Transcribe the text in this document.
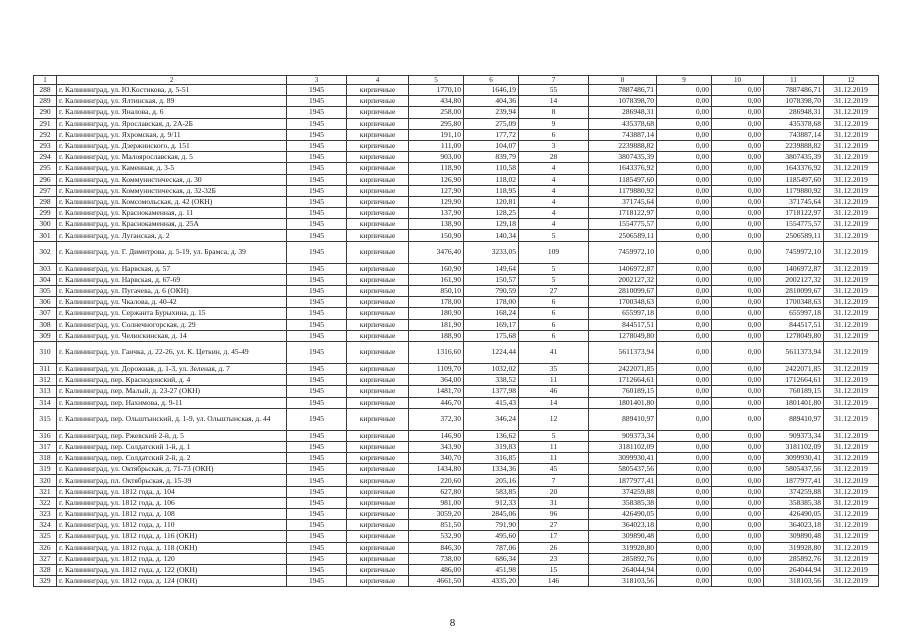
1	2	3	4	5	6	7	8	9	10	11	12
288	г. Калининград, ул. Ю.Костикова, д. 5-51	1945	кирпичные	1770,10	1646,19	55	7887486,71	0,00	0,00	7887486,71	31.12.2019
289	г. Калининград, ул. Ялтинская, д. 89	1945	кирпичные	434,80	404,36	14	1078398,70	0,00	0,00	1078398,70	31.12.2019
290	г. Калининград, ул. Яналова, д. 6	1945	кирпичные	258,00	239,94	8	286948,31	0,00	0,00	286948,31	31.12.2019
291	г. Калининград, ул. Ярославская, д. 2А-2Б	1945	кирпичные	295,80	275,09	9	435378,68	0,00	0,00	435378,68	31.12.2019
292	г. Калининград, ул. Яхромская, д. 9/11	1945	кирпичные	191,10	177,72	6	743887,14	0,00	0,00	743887,14	31.12.2019
293	г. Калининград, ул. Дзержинского, д. 151	1945	кирпичные	111,00	104,07	3	2239888,82	0,00	0,00	2239888,82	31.12.2019
294	г. Калининград, ул. Малоярославская, д. 5	1945	кирпичные	903,00	839,79	28	3807435,39	0,00	0,00	3807435,39	31.12.2019
295	г. Калининград, ул. Каменная, д. 3-5	1945	кирпичные	118,90	110,58	4	1643376,92	0,00	0,00	1643376,92	31.12.2019
296	г. Калининград, ул. Коммунистическая, д. 30	1945	кирпичные	126,90	118,02	4	1185497,60	0,00	0,00	1185497,60	31.12.2019
297	г. Калининград, ул. Коммунистическая, д. 32-32Б	1945	кирпичные	127,90	118,95	4	1179880,92	0,00	0,00	1179880,92	31.12.2019
298	г. Калининград, ул. Комсомольская, д. 42 (ОКН)	1945	кирпичные	129,90	120,81	4	371745,64	0,00	0,00	371745,64	31.12.2019
299	г. Калининград, ул. Краснокаменная, д. 11	1945	кирпичные	137,90	128,25	4	1718122,97	0,00	0,00	1718122,97	31.12.2019
300	г. Калининград, ул. Краснокаменная, д. 25А	1945	кирпичные	138,90	129,18	4	1554775,57	0,00	0,00	1554775,57	31.12.2019
301	г. Калининград, ул. Луганская, д. 2	1945	кирпичные	150,90	140,34	5	2506589,11	0,00	0,00	2506589,11	31.12.2019
302	г. Калининград, ул. Г. Димитрова, д. 5-19, ул. Брамса, д. 39	1945	кирпичные	3476,40	3233,05	109	7459972,10	0,00	0,00	7459972,10	31.12.2019
303	г. Калининград, ул. Нарвская, д. 57	1945	кирпичные	160,90	149,64	5	1406972,87	0,00	0,00	1406972,87	31.12.2019
304	г. Калининград, ул. Нарвская, д. 67-69	1945	кирпичные	161,90	150,57	5	2002127,32	0,00	0,00	2002127,32	31.12.2019
305	г. Калининград, ул. Пугачева, д. 6 (ОКН)	1945	кирпичные	850,10	790,59	27	2810099,67	0,00	0,00	2810099,67	31.12.2019
306	г. Калининград, ул. Чкалова, д. 40-42	1945	кирпичные	178,00	178,00	6	1700348,63	0,00	0,00	1700348,63	31.12.2019
307	г. Калининград, ул. Сержанта Бурыхина, д. 15	1945	кирпичные	180,90	168,24	6	655997,18	0,00	0,00	655997,18	31.12.2019
308	г. Калининград, ул. Солнечногорская, д. 29	1945	кирпичные	181,90	169,17	6	844517,51	0,00	0,00	844517,51	31.12.2019
309	г. Калининград, ул. Челюскинская, д. 14	1945	кирпичные	188,90	175,68	6	1278049,80	0,00	0,00	1278049,80	31.12.2019
310	г. Калининград, ул. Гаичка, д. 22-26, ул. К. Цеткин, д. 45-49	1945	кирпичные	1316,60	1224,44	41	5611373,94	0,00	0,00	5611373,94	31.12.2019
311	г. Калининград, ул. Дорожная, д. 1-3, ул. Зеленая, д. 7	1945	кирпичные	1109,70	1032,02	35	2422071,85	0,00	0,00	2422071,85	31.12.2019
312	г. Калининград, пер. Краснодонский, д. 4	1945	кирпичные	364,00	338,52	11	1712664,61	0,00	0,00	1712664,61	31.12.2019
313	г. Калининград, пер. Малый, д. 23-27 (ОКН)	1945	кирпичные	1481,70	1377,98	46	760189,15	0,00	0,00	760189,15	31.12.2019
314	г. Калининград, пер. Нахимова, д. 9-11	1945	кирпичные	446,70	415,43	14	1801401,80	0,00	0,00	1801401,80	31.12.2019
315	г. Калининград, пер. Ольштынский, д. 1-9, ул. Ольштынская, д. 44	1945	кирпичные	372,30	346,24	12	889410,97	0,00	0,00	889410,97	31.12.2019
316	г. Калининград, пер. Ржевский 2-й, д. 5	1945	кирпичные	146,90	136,62	5	909373,34	0,00	0,00	909373,34	31.12.2019
317	г. Калининград, пер. Солдатский 1-й, д. 1	1945	кирпичные	343,90	319,83	11	3181102,09	0,00	0,00	3181102,09	31.12.2019
318	г. Калининград, пер. Солдатский 2-й, д. 2	1945	кирпичные	340,70	316,85	11	3099930,41	0,00	0,00	3099930,41	31.12.2019
319	г. Калининград, ул. Октябрьская, д. 71-73 (ОКН)	1945	кирпичные	1434,80	1334,36	45	5805437,56	0,00	0,00	5805437,56	31.12.2019
320	г. Калининград, пл. Октябрьская, д. 15-39	1945	кирпичные	220,60	205,16	7	1877977,41	0,00	0,00	1877977,41	31.12.2019
321	г. Калининград, ул. 1812 года, д. 104	1945	кирпичные	627,80	583,85	20	374259,88	0,00	0,00	374259,88	31.12.2019
322	г. Калининград, ул. 1812 года, д. 106	1945	кирпичные	981,00	912,33	31	358385,38	0,00	0,00	358385,38	31.12.2019
323	г. Калининград, ул. 1812 года, д. 108	1945	кирпичные	3059,20	2845,06	96	426490,05	0,00	0,00	426490,05	31.12.2019
324	г. Калининград, ул. 1812 года, д. 110	1945	кирпичные	851,50	791,90	27	364023,18	0,00	0,00	364023,18	31.12.2019
325	г. Калининград, ул. 1812 года, д. 116 (ОКН)	1945	кирпичные	532,90	495,60	17	309890,48	0,00	0,00	309890,48	31.12.2019
326	г. Калининград, ул. 1812 года, д. 118 (ОКН)	1945	кирпичные	846,30	787,06	26	319928,80	0,00	0,00	319928,80	31.12.2019
327	г. Калининград, ул. 1812 года, д. 120	1945	кирпичные	738,00	686,34	23	285892,76	0,00	0,00	285892,76	31.12.2019
328	г. Калининград, ул. 1812 года, д. 122 (ОКН)	1945	кирпичные	486,00	451,98	15	264044,94	0,00	0,00	264044,94	31.12.2019
329	г. Калининград, ул. 1812 года, д. 124 (ОКН)	1945	кирпичные	4661,50	4335,20	146	318103,56	0,00	0,00	318103,56	31.12.2019
8
